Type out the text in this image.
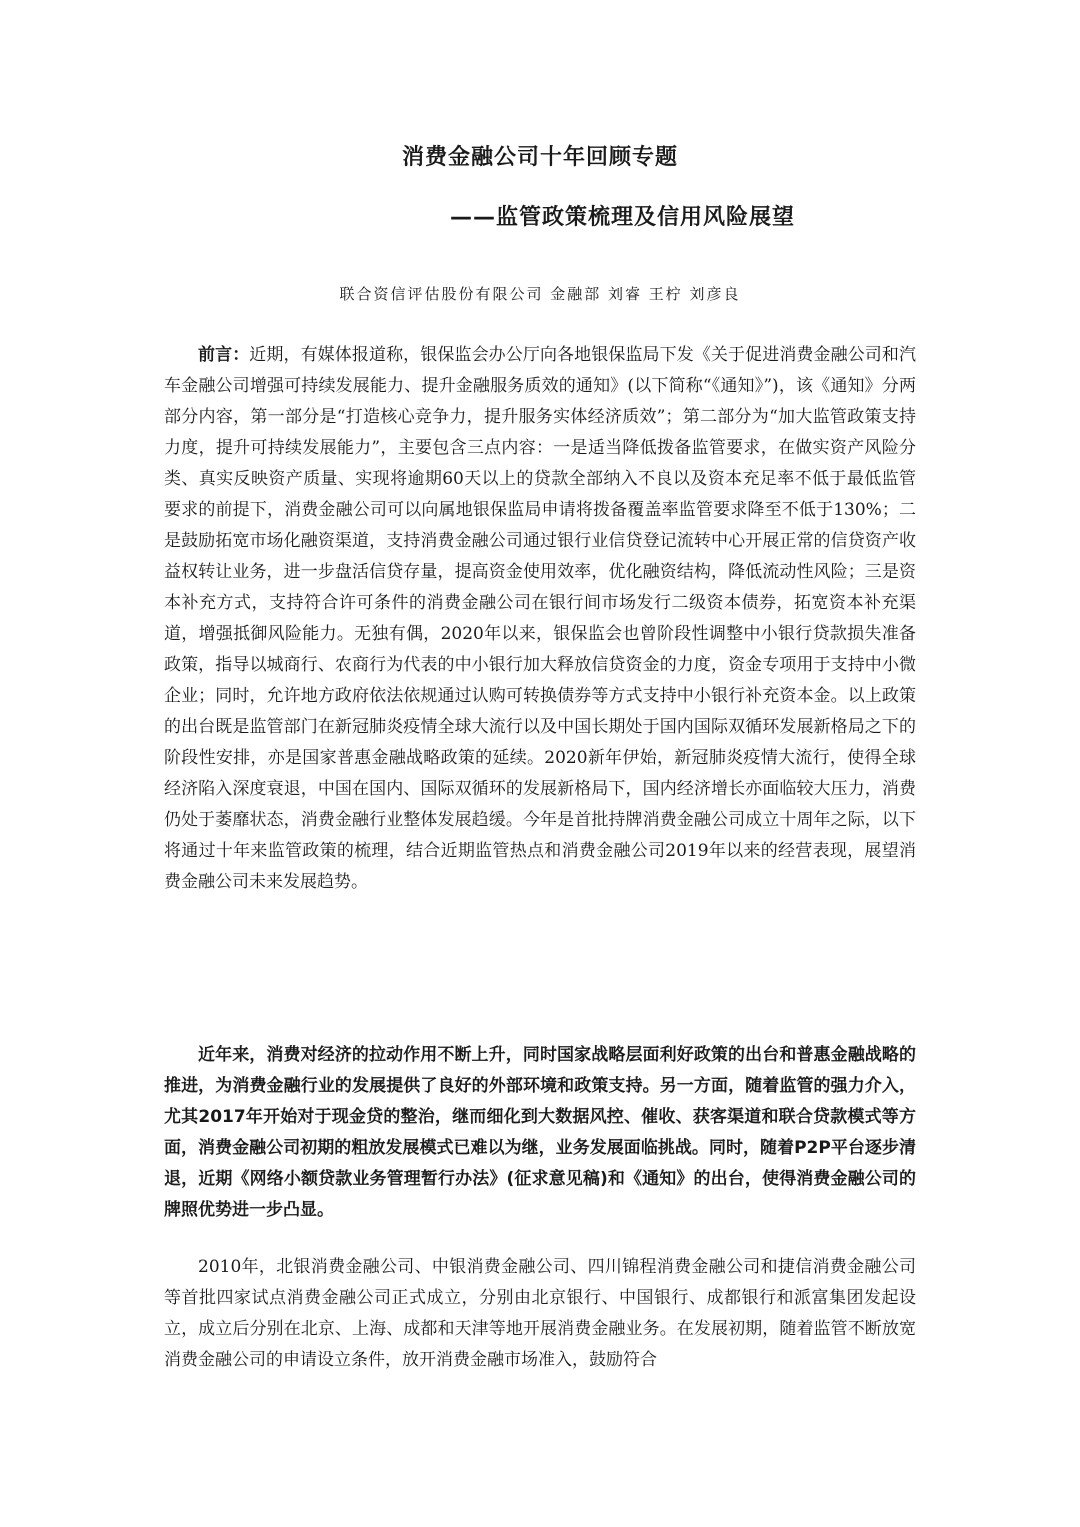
消费金融公司十年回顾专题
——监管政策梳理及信用风险展望

联合资信评估股份有限公司 金融部 刘睿 王柠 刘彦良

前言：近期，有媒体报道称，银保监会办公厅向各地银保监局下发《关于促进消费金融公司和汽车金融公司增强可持续发展能力、提升金融服务质效的通知》(以下简称“《通知》”)，该《通知》分两部分内容，第一部分是“打造核心竞争力，提升服务实体经济质效”；第二部分为“加大监管政策支持力度，提升可持续发展能力”，主要包含三点内容：一是适当降低拨备监管要求，在做实资产风险分类、真实反映资产质量、实现将逾期60天以上的贷款全部纳入不良以及资本充足率不低于最低监管要求的前提下，消费金融公司可以向属地银保监局申请将拨备覆盖率监管要求降至不低于130%；二是鼓励拓宽市场化融资渠道，支持消费金融公司通过银行业信贷登记流转中心开展正常的信贷资产收益权转让业务，进一步盘活信贷存量，提高资金使用效率，优化融资结构，降低流动性风险；三是资本补充方式，支持符合许可条件的消费金融公司在银行间市场发行二级资本债券，拓宽资本补充渠道，增强抵御风险能力。无独有偶，2020年以来，银保监会也曾阶段性调整中小银行贷款损失准备政策，指导以城商行、农商行为代表的中小银行加大释放信贷资金的力度，资金专项用于支持中小微企业；同时，允许地方政府依法依规通过认购可转换债券等方式支持中小银行补充资本金。以上政策的出台既是监管部门在新冠肺炎疫情全球大流行以及中国长期处于国内国际双循环发展新格局之下的阶段性安排，亦是国家普惠金融战略政策的延续。2020新年伊始，新冠肺炎疫情大流行，使得全球经济陷入深度衰退，中国在国内、国际双循环的发展新格局下，国内经济增长亦面临较大压力，消费仍处于萎靡状态，消费金融行业整体发展趋缓。今年是首批持牌消费金融公司成立十周年之际，以下将通过十年来监管政策的梳理，结合近期监管热点和消费金融公司2019年以来的经营表现，展望消费金融公司未来发展趋势。

近年来，消费对经济的拉动作用不断上升，同时国家战略层面利好政策的出台和普惠金融战略的推进，为消费金融行业的发展提供了良好的外部环境和政策支持。另一方面，随着监管的强力介入，尤其2017年开始对于现金贷的整治，继而细化到大数据风控、催收、获客渠道和联合贷款模式等方面，消费金融公司初期的粗放发展模式已难以为继，业务发展面临挑战。同时，随着P2P平台逐步清退，近期《网络小额贷款业务管理暂行办法》(征求意见稿)和《通知》的出台，使得消费金融公司的牌照优势进一步凸显。

2010年，北银消费金融公司、中银消费金融公司、四川锦程消费金融公司和捷信消费金融公司等首批四家试点消费金融公司正式成立，分别由北京银行、中国银行、成都银行和派富集团发起设立，成立后分别在北京、上海、成都和天津等地开展消费金融业务。在发展初期，随着监管不断放宽消费金融公司的申请设立条件，放开消费金融市场准入，鼓励符合
